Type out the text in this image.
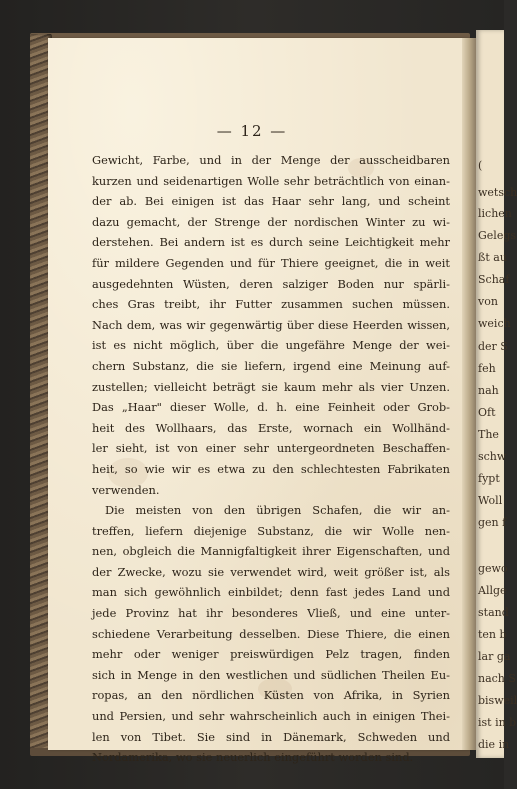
(
wetsch
lichen
Gelegs
ßt au
Schaf
von
weich
der S
feh
nah
Oft
The
schw
fypt
Woll
gen f
gewo
Allge
stand
ten b
lar ga
nach S
bisweil
ist in b
die in
— 12 —
Gewicht, Farbe, und in der Menge der ausscheidbaren
kurzen und seidenartigen Wolle sehr beträchtlich von einan-
der ab. Bei einigen ist das Haar sehr lang, und scheint
dazu gemacht, der Strenge der nordischen Winter zu wi-
derstehen. Bei andern ist es durch seine Leichtigkeit mehr
für mildere Gegenden und für Thiere geeignet, die in weit
ausgedehnten Wüsten, deren salziger Boden nur spärli-
ches Gras treibt, ihr Futter zusammen suchen müssen.
Nach dem, was wir gegenwärtig über diese Heerden wissen,
ist es nicht möglich, über die ungefähre Menge der wei-
chern Substanz, die sie liefern, irgend eine Meinung auf-
zustellen; vielleicht beträgt sie kaum mehr als vier Unzen.
Das „Haar" dieser Wolle, d. h. eine Feinheit oder Grob-
heit des Wollhaars, das Erste, wornach ein Wollhänd-
ler sieht, ist von einer sehr untergeordneten Beschaffen-
heit, so wie wir es etwa zu den schlechtesten Fabrikaten
verwenden.
Die meisten von den übrigen Schafen, die wir an-
treffen, liefern diejenige Substanz, die wir Wolle nen-
nen, obgleich die Mannigfaltigkeit ihrer Eigenschaften, und
der Zwecke, wozu sie verwendet wird, weit größer ist, als
man sich gewöhnlich einbildet; denn fast jedes Land und
jede Provinz hat ihr besonderes Vließ, und eine unter-
schiedene Verarbeitung desselben. Diese Thiere, die einen
mehr oder weniger preiswürdigen Pelz tragen, finden
sich in Menge in den westlichen und südlichen Theilen Eu-
ropas, an den nördlichen Küsten von Afrika, in Syrien
und Persien, und sehr wahrscheinlich auch in einigen Thei-
len von Tibet. Sie sind in Dänemark, Schweden und
Nordamerika, wo sie neuerlich eingeführt worden sind.
